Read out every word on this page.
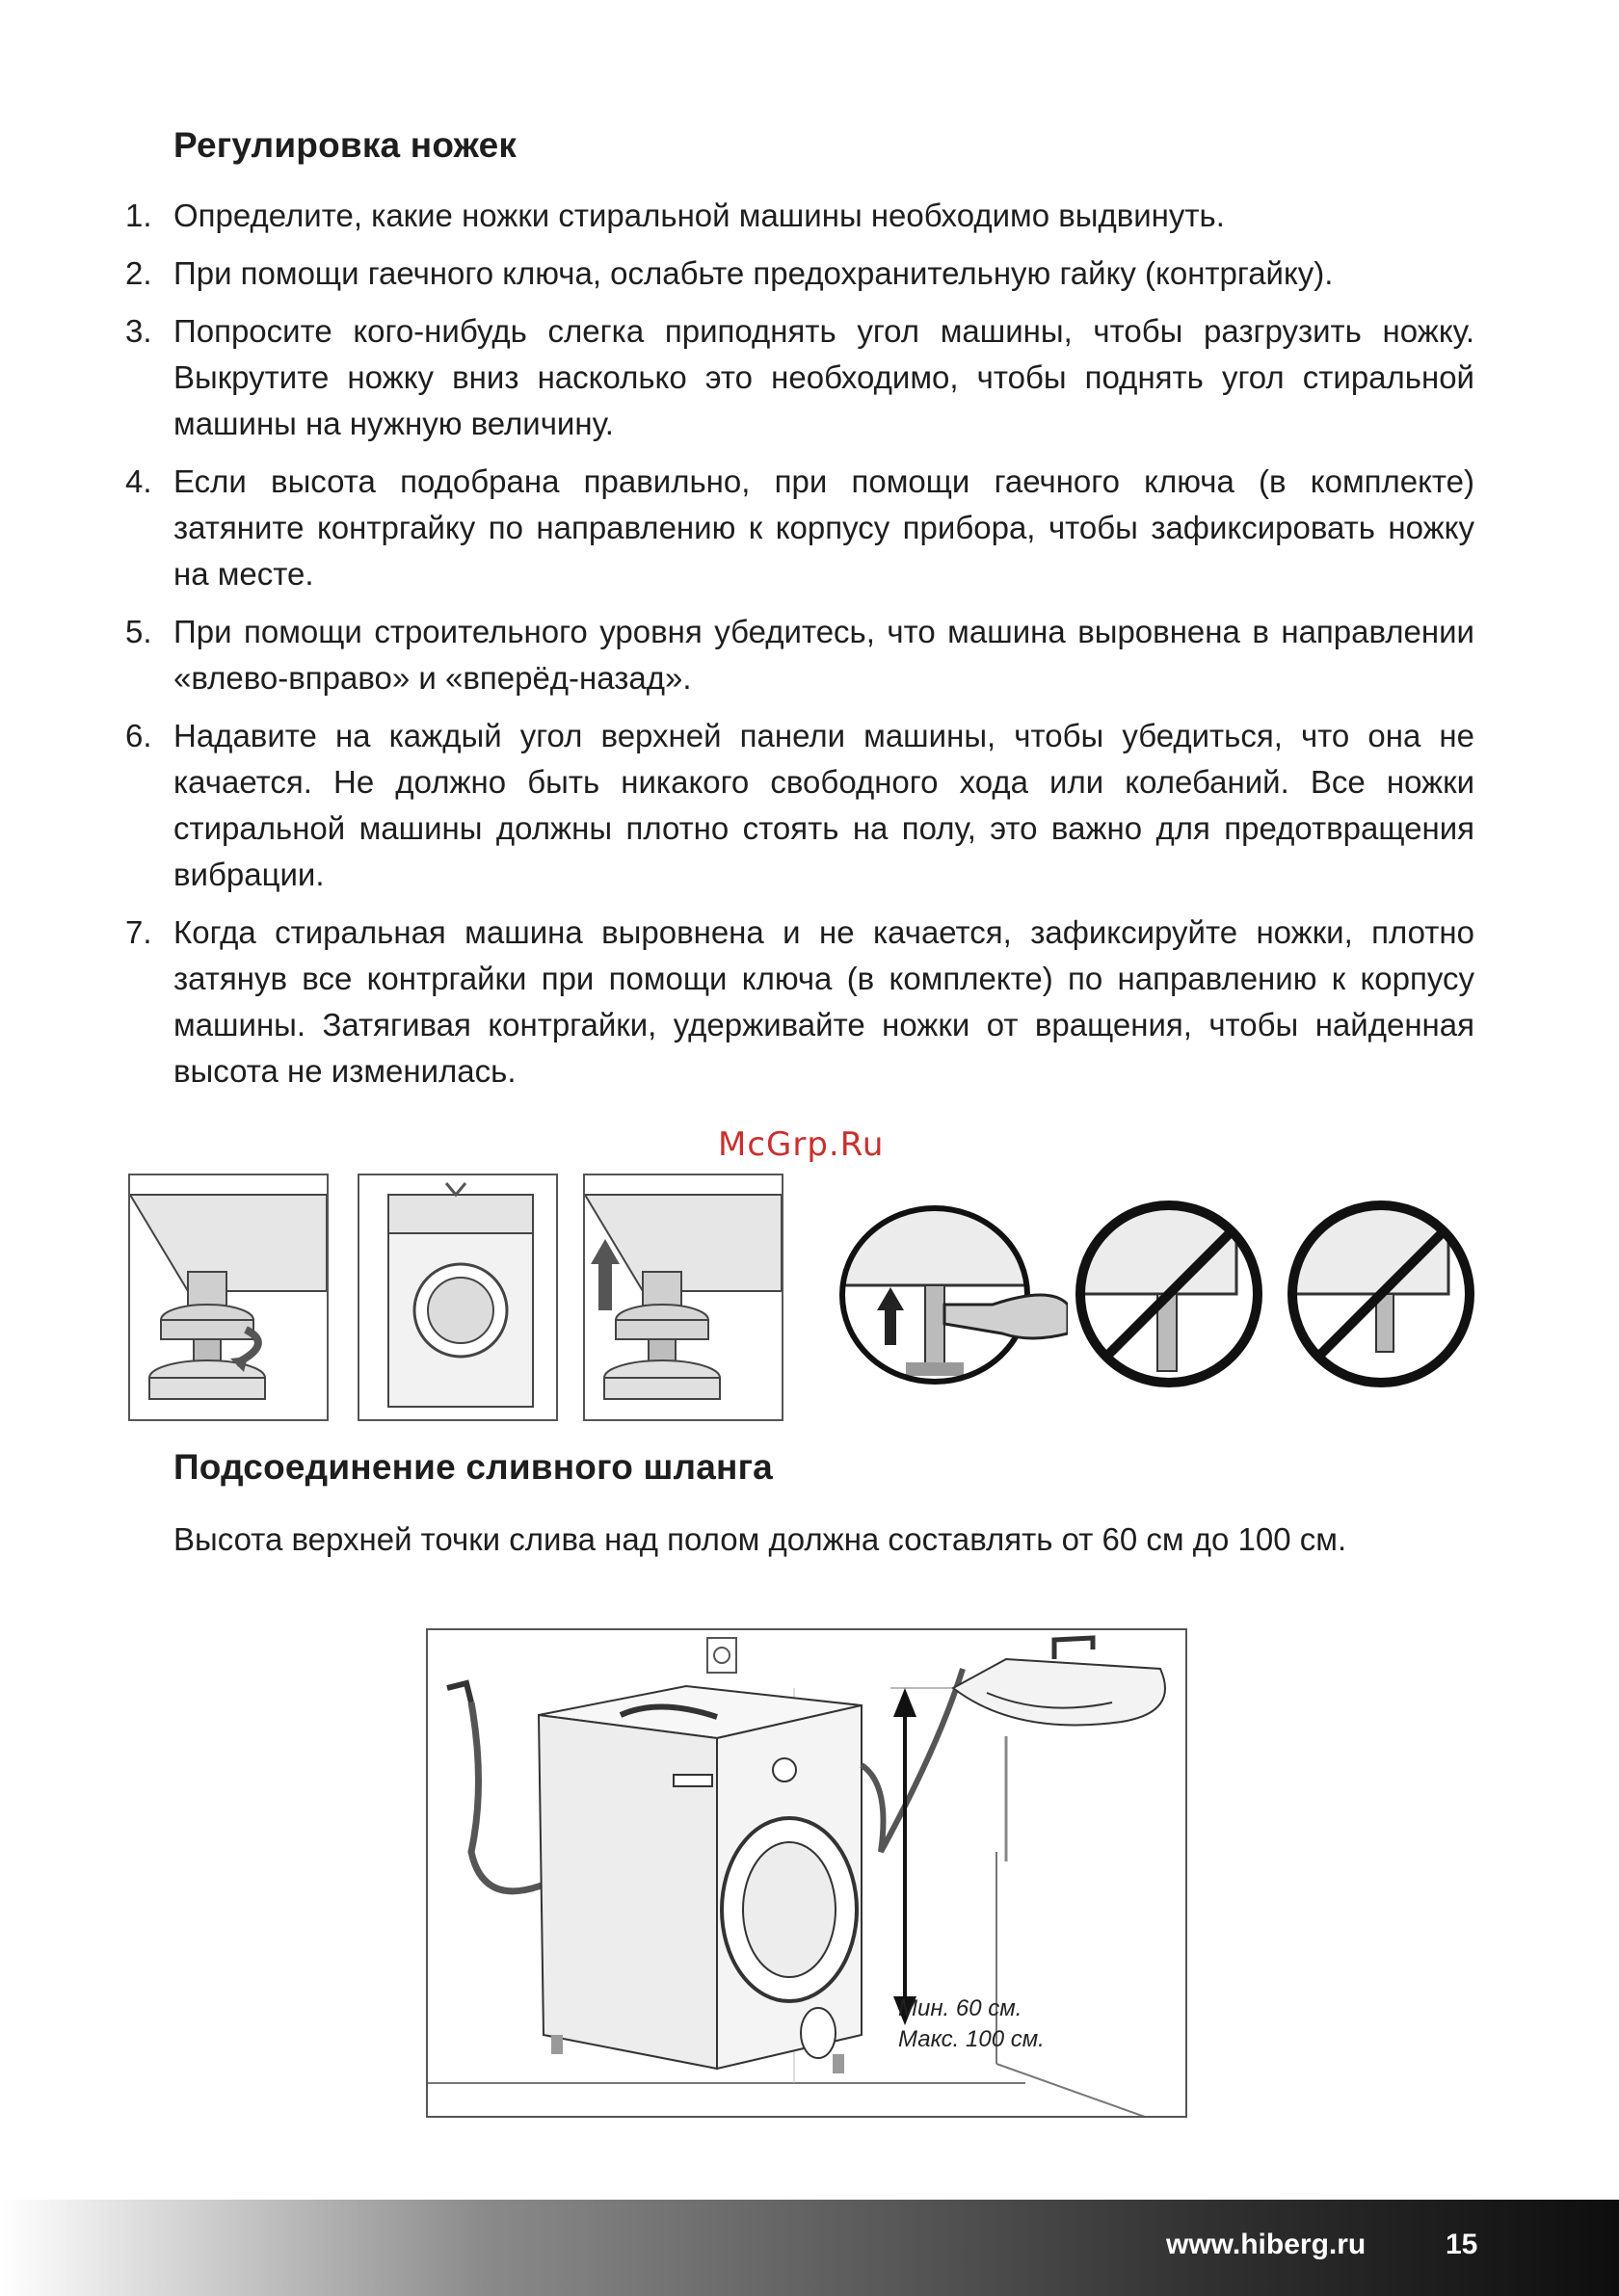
Регулировка ножек
1. Определите, какие ножки стиральной машины необходимо выдвинуть.
2. При помощи гаечного ключа, ослабьте предохранительную гайку (контргайку).
3. Попросите кого-нибудь слегка приподнять угол машины, чтобы разгрузить ножку. Выкрутите ножку вниз насколько это необходимо, чтобы поднять угол стиральной машины на нужную величину.
4. Если высота подобрана правильно, при помощи гаечного ключа (в комплекте) затяните контргайку по направлению к корпусу прибора, чтобы зафиксировать ножку на месте.
5. При помощи строительного уровня убедитесь, что машина выровнена в направлении «влево-вправо» и «вперёд-назад».
6. Надавите на каждый угол верхней панели машины, чтобы убедиться, что она не качается. Не должно быть никакого свободного хода или колебаний. Все ножки стиральной машины должны плотно стоять на полу, это важно для предотвращения вибрации.
7. Когда стиральная машина выровнена и не качается, зафиксируйте ножки, плотно затянув все контргайки при помощи ключа (в комплекте) по направлению к корпусу машины. Затягивая контргайки, удерживайте ножки от вращения, чтобы найденная высота не изменилась.
McGrp.Ru
Подсоединение сливного шланга

Высота верхней точки слива над полом должна составлять от 60 см до 100 см.

Мин. 60 см.
Макс. 100 см.
www.hiberg.ru	15
